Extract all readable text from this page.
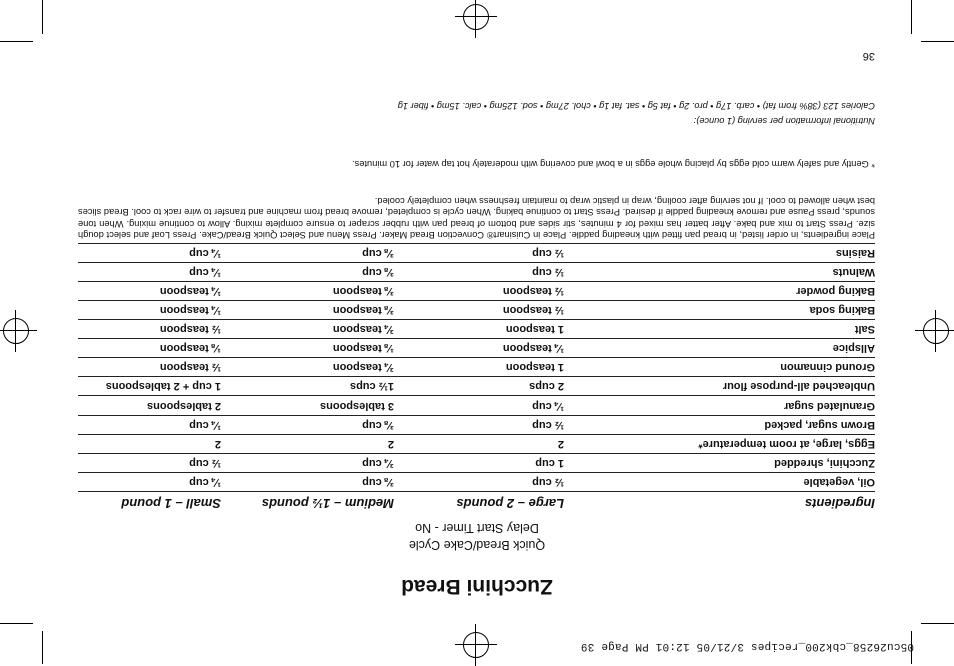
05cu26258_cbk200_recipes 3/21/05 12:01 PM Page 39
Zucchini Bread
Quick Bread/Cake Cycle
Delay Start Timer - No
Ingredients
Large – 2 pounds
Medium – 1½ pounds
Small – 1 pound
Oil, vegetable
½ cup
⅜ cup
¼ cup
Zucchini, shredded
1 cup
¾ cup
½ cup
Eggs, large, at room temperature*
2
2
2
Brown sugar, packed
½ cup
⅜ cup
¼ cup
Granulated sugar
¼ cup
3 tablespoons
2 tablespoons
Unbleached all-purpose flour
2 cups
1½ cups
1 cup + 2 tablespoons
Ground cinnamon
1 teaspoon
¾ teaspoon
½ teaspoon
Allspice
¼ teaspoon
⅛ teaspoon
⅛ teaspoon
Salt
1 teaspoon
¾ teaspoon
½ teaspoon
Baking soda
½ teaspoon
⅜ teaspoon
¼ teaspoon
Baking powder
½ teaspoon
⅜ teaspoon
¼ teaspoon
Walnuts
½ cup
⅜ cup
¼ cup
Raisins
½ cup
⅜ cup
¼ cup
Place ingredients, in order listed, in bread pan fitted with kneading paddle. Place in Cuisinart® Convection Bread Maker. Press Menu and Select Quick Bread/Cake. Press Loaf and select dough size. Press Start to mix and bake. After batter has mixed for 4 minutes, stir sides and bottom of bread pan with rubber scraper to ensure complete mixing. Allow to continue mixing. When tone sounds, press Pause and remove kneading paddle if desired. Press Start to continue baking. When cycle is completed, remove bread from machine and transfer to wire rack to cool. Bread slices best when allowed to cool. If not serving after cooling, wrap in plastic wrap to maintain freshness when completely cooled.
* Gently and safely warm cold eggs by placing whole eggs in a bowl and covering with moderately hot tap water for 10 minutes.
Nutritional information per serving (1 ounce):
Calories 123 (38% from fat) • carb. 17g • pro. 2g • fat 5g • sat. fat 1g • chol. 27mg • sod. 125mg • calc. 15mg • fiber 1g
36
